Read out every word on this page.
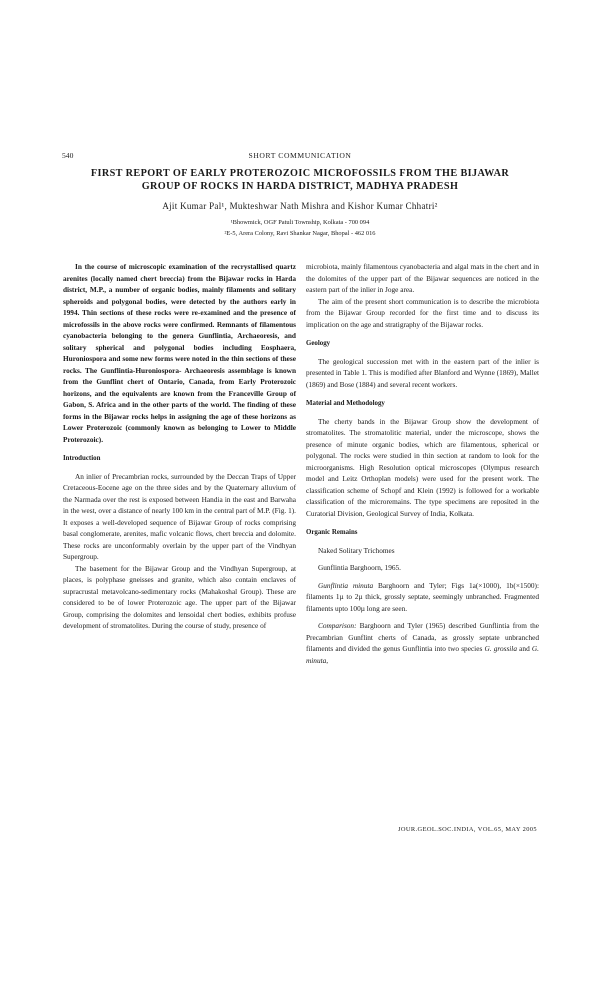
540	SHORT COMMUNICATION
FIRST REPORT OF EARLY PROTEROZOIC MICROFOSSILS FROM THE BIJAWAR
GROUP OF ROCKS IN HARDA DISTRICT, MADHYA PRADESH
Ajit Kumar Pal¹, Mukteshwar Nath Mishra and Kishor Kumar Chhatri²
¹Bhowmick, OGF Patuli Township, Kolkata - 700 094
²E-5, Arera Colony, Ravi Shankar Nagar, Bhopal - 462 016

In the course of microscopic examination of the recrystallised quartz arenites (locally named chert breccia) from the Bijawar rocks in Harda district, M.P., a number of organic bodies, mainly filaments and solitary spheroids and polygonal bodies, were detected by the authors early in 1994. Thin sections of these rocks were re-examined and the presence of microfossils in the above rocks were confirmed. Remnants of filamentous cyanobacteria belonging to the genera Gunflintia, Archaeoresis, and solitary spherical and polygonal bodies including Eosphaera, Huroniospora and some new forms were noted in the thin sections of these rocks. The Gunflintia-Huroniospora- Archaeoresis assemblage is known from the Gunflint chert of Ontario, Canada, from Early Proterozoic horizons, and the equivalents are known from the Franceville Group of Gabon, S. Africa and in the other parts of the world. The finding of these forms in the Bijawar rocks helps in assigning the age of these horizons as Lower Proterozoic (commonly known as belonging to Lower to Middle Proterozoic).

Introduction

An inlier of Precambrian rocks, surrounded by the Deccan Traps of Upper Cretaceous-Eocene age on the three sides and by the Quaternary alluvium of the Narmada over the rest is exposed between Handia in the east and Barwaha in the west, over a distance of nearly 100 km in the central part of M.P. (Fig. 1). It exposes a well-developed sequence of Bijawar Group of rocks comprising basal conglomerate, arenites, mafic volcanic flows, chert breccia and dolomite. These rocks are unconformably overlain by the upper part of the Vindhyan Supergroup.

The basement for the Bijawar Group and the Vindhyan Supergroup, at places, is polyphase gneisses and granite, which also contain enclaves of supracrustal metavolcano-sedimentary rocks (Mahakoshal Group). These are considered to be of lower Proterozoic age. The upper part of the Bijawar Group, comprising the dolomites and lensoidal chert bodies, exhibits profuse development of stromatolites. During the course of study, presence of

microbiota, mainly filamentous cyanobacteria and algal mats in the chert and in the dolomites of the upper part of the Bijawar sequences are noticed in the eastern part of the inlier in Joge area.

The aim of the present short communication is to describe the microbiota from the Bijawar Group recorded for the first time and to discuss its implication on the age and stratigraphy of the Bijawar rocks.

Geology

The geological succession met with in the eastern part of the inlier is presented in Table 1. This is modified after Blanford and Wynne (1869), Mallet (1869) and Bose (1884) and several recent workers.

Material and Methodology

The cherty bands in the Bijawar Group show the development of stromatolites. The stromatolitic material, under the microscope, shows the presence of minute organic bodies, which are filamentous, spherical or polygonal. The rocks were studied in thin section at random to look for the microorganisms. High Resolution optical microscopes (Olympus research model and Leitz Orthoplan models) were used for the present work. The classification scheme of Schopf and Klein (1992) is followed for a workable classification of the microremains. The type specimens are reposited in the Curatorial Division, Geological Survey of India, Kolkata.

Organic Remains

Naked Solitary Trichomes

Gunflintia Barghoorn, 1965.

Gunflintia minuta Barghoorn and Tyler; Figs 1a(×1000), 1b(×1500): filaments 1µ to 2µ thick, grossly septate, seemingly unbranched. Fragmented filaments upto 100µ long are seen.

Comparison: Barghoorn and Tyler (1965) described Gunflintia from the Precambrian Gunflint cherts of Canada, as grossly septate unbranched filaments and divided the genus Gunflintia into two species G. grossila and G. minuta,

JOUR.GEOL.SOC.INDIA, VOL.65, MAY 2005
